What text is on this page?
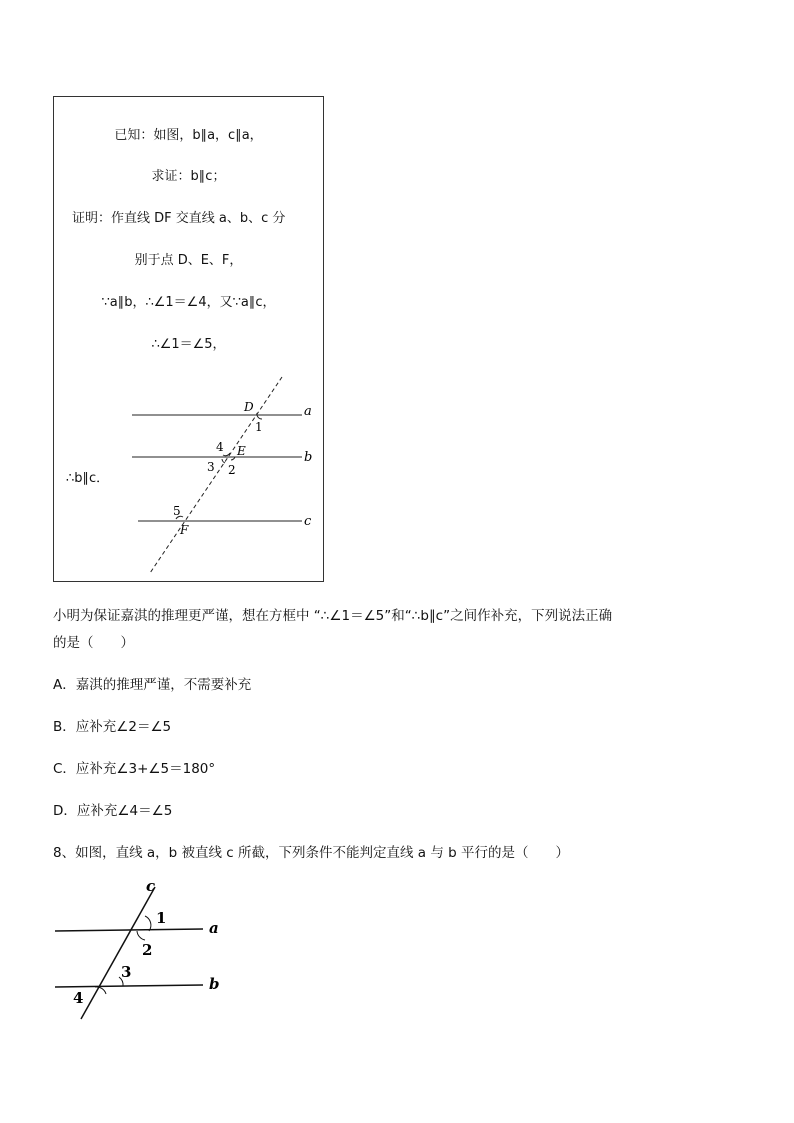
已知：如图，b∥a，c∥a，
求证：b∥c；
证明：作直线 DF 交直线 a、b、c 分
别于点 D、E、F，
∵a∥b，∴∠1＝∠4，又∵a∥c，
∴∠1＝∠5，
∴b∥c．
a
b
c
D
E
F
1
4
3 2
5
小明为保证嘉淇的推理更严谨，想在方框中 “∴∠1＝∠5”和“∴b∥c”之间作补充，下列说法正确
的是（　　）
A．嘉淇的推理严谨，不需要补充
B．应补充∠2＝∠5
C．应补充∠3+∠5＝180°
D．应补充∠4＝∠5
8、如图，直线 a，b 被直线 c 所截，下列条件不能判定直线 a 与 b 平行的是（　　）
c
a
b
1
2
3
4
